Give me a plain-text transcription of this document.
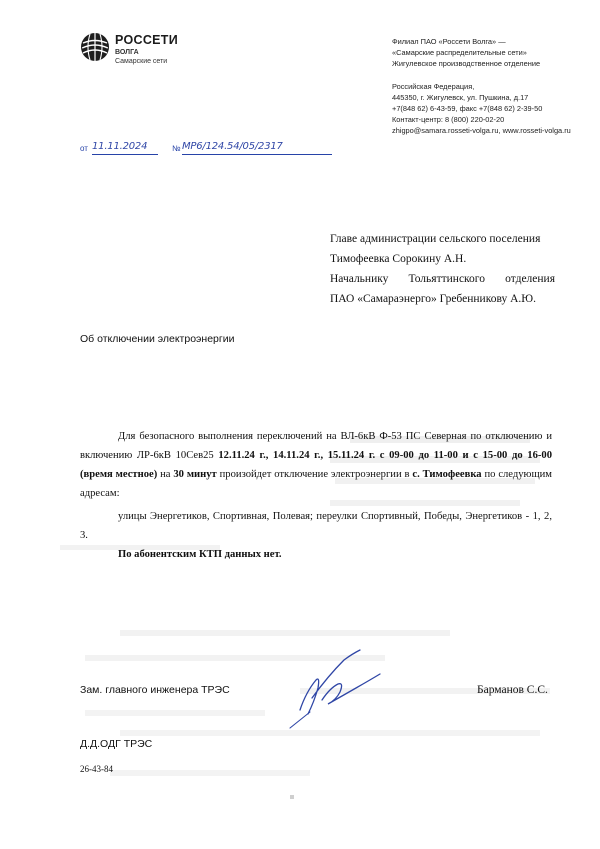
РОССЕТИ
ВОЛГА
Самарские сети
Филиал ПАО «Россети Волга» —
«Самарские распределительные сети»
Жигулевское производственное отделение
Российская Федерация,
445350, г. Жигулевск, ул. Пушкина, д.17
+7(848 62) 6-43-59, факс +7(848 62) 2-39-50
Контакт-центр: 8 (800) 220-02-20
zhigpo@samara.rosseti-volga.ru, www.rosseti-volga.ru
от 11.11.2024	№ МР6/124.54/05/2317
Главе администрации сельского поселения
Тимофеевка Сорокину А.Н.
Начальнику Тольяттинского отделения
ПАО «Самараэнерго» Гребенникову А.Ю.
Об отключении электроэнергии
Для безопасного выполнения переключений на ВЛ-6кВ Ф-53 ПС Северная по отключению и включению ЛР-6кВ 10Сев25 12.11.24 г., 14.11.24 г., 15.11.24 г. с 09-00 до 11-00 и с 15-00 до 16-00 (время местное) на 30 минут произойдет отключение электроэнергии в с. Тимофеевка по следующим адресам:
улицы Энергетиков, Спортивная, Полевая; переулки Спортивный, Победы, Энергетиков - 1, 2, 3.
По абонентским КТП данных нет.
Зам. главного инженера ТРЭС	Барманов С.С.
Д.Д.ОДГ ТРЭС
26-43-84
